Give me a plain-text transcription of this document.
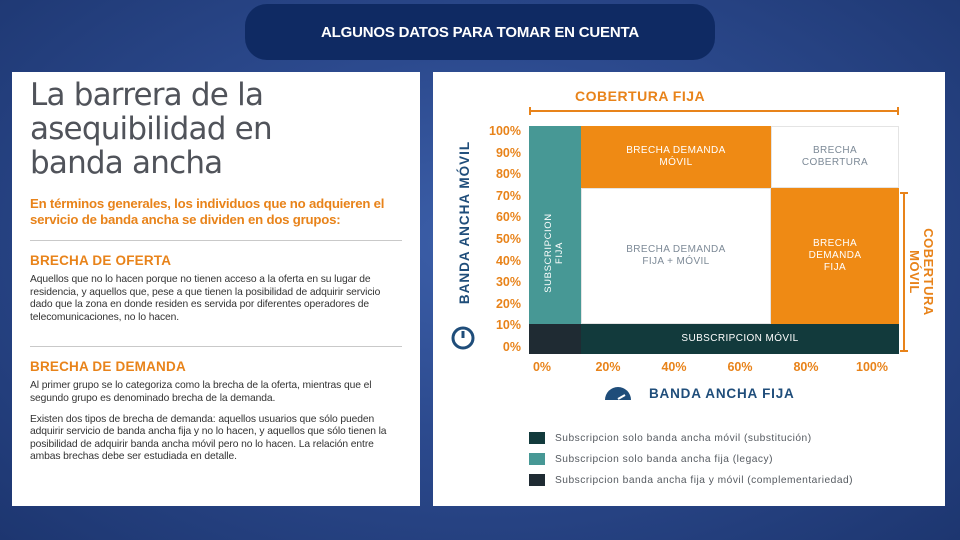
ALGUNOS DATOS PARA TOMAR EN CUENTA
La barrera de la
asequibilidad en
banda ancha
En términos generales, los individuos que no adquieren el servicio de banda ancha se dividen en dos grupos:
BRECHA DE OFERTA
Aquellos que no lo hacen porque no tienen acceso a la oferta en su lugar de residencia, y aquellos que, pese a que tienen la posibilidad de adquirir servicio dado que la zona en donde residen es servida por diferentes operadores de telecomunicaciones, no lo hacen.
BRECHA DE DEMANDA
Al primer grupo se lo categoriza como la brecha de la oferta, mientras que el segundo grupo es denominado brecha de la demanda.
Existen dos tipos de brecha de demanda: aquellos usuarios que sólo pueden adquirir servicio de banda ancha fija y no lo hacen, y aquellos que sólo tienen la posibilidad de adquirir banda ancha móvil pero no lo hacen. La relación entre ambas brechas debe ser estudiada en detalle.
COBERTURA FIJA
BANDA ANCHA MÓVIL
100%
90%
80%
70%
60%
50%
40%
30%
20%
10%
0%
SUBSCRIPCION
FIJA
BRECHA DEMANDA
MÓVIL
BRECHA
COBERTURA
BRECHA DEMANDA
FIJA + MÓVIL
BRECHA
DEMANDA
FIJA
SUBSCRIPCION MÓVIL
COBERTURA
MÓVIL
0%	20%	40%	60%	80%	100%
BANDA ANCHA FIJA
Subscripcion solo banda ancha móvil (substitución)
Subscripcion solo banda ancha fija (legacy)
Subscripcion banda ancha fija y móvil (complementariedad)
